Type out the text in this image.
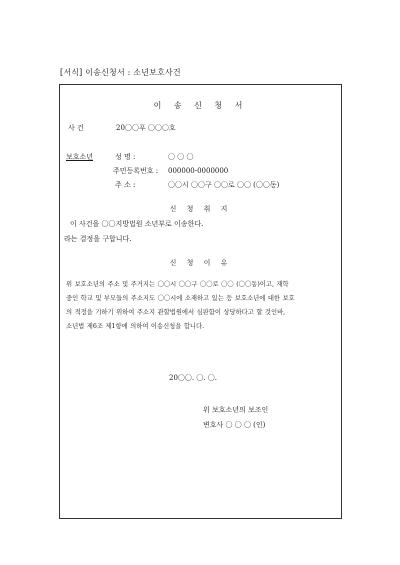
[서식] 이송신청서 : 소년보호사건
이 송 신 청 서
사 건	20〇〇푸 〇〇〇호
보호소년	성 명 :	〇 〇 〇
주민등록번호 : 000000-0000000
주 소 :	〇〇시 〇〇구 〇〇로 〇〇 (〇〇동)
신 청 취 지
이 사건을 〇〇지방법원 소년부로 이송한다.
라는 결정을 구합니다.
신 청 이 유
위 보호소년의 주소 및 주거지는 〇〇시 〇〇구 〇〇로 〇〇 (〇〇동)이고, 재학
중인 학교 및 부모들의 주소지도 〇〇시에 소재하고 있는 등 보호소년에 대한 보호
의 적정을 기하기 위하여 주소지 관할법원에서 심판함이 상당하다고 할 것인바,
소년법 제6조 제1항에 의하여 이송신청을 합니다.
20〇〇. 〇. 〇.
위 보호소년의 보조인
변호사 〇 〇 〇 (인)
